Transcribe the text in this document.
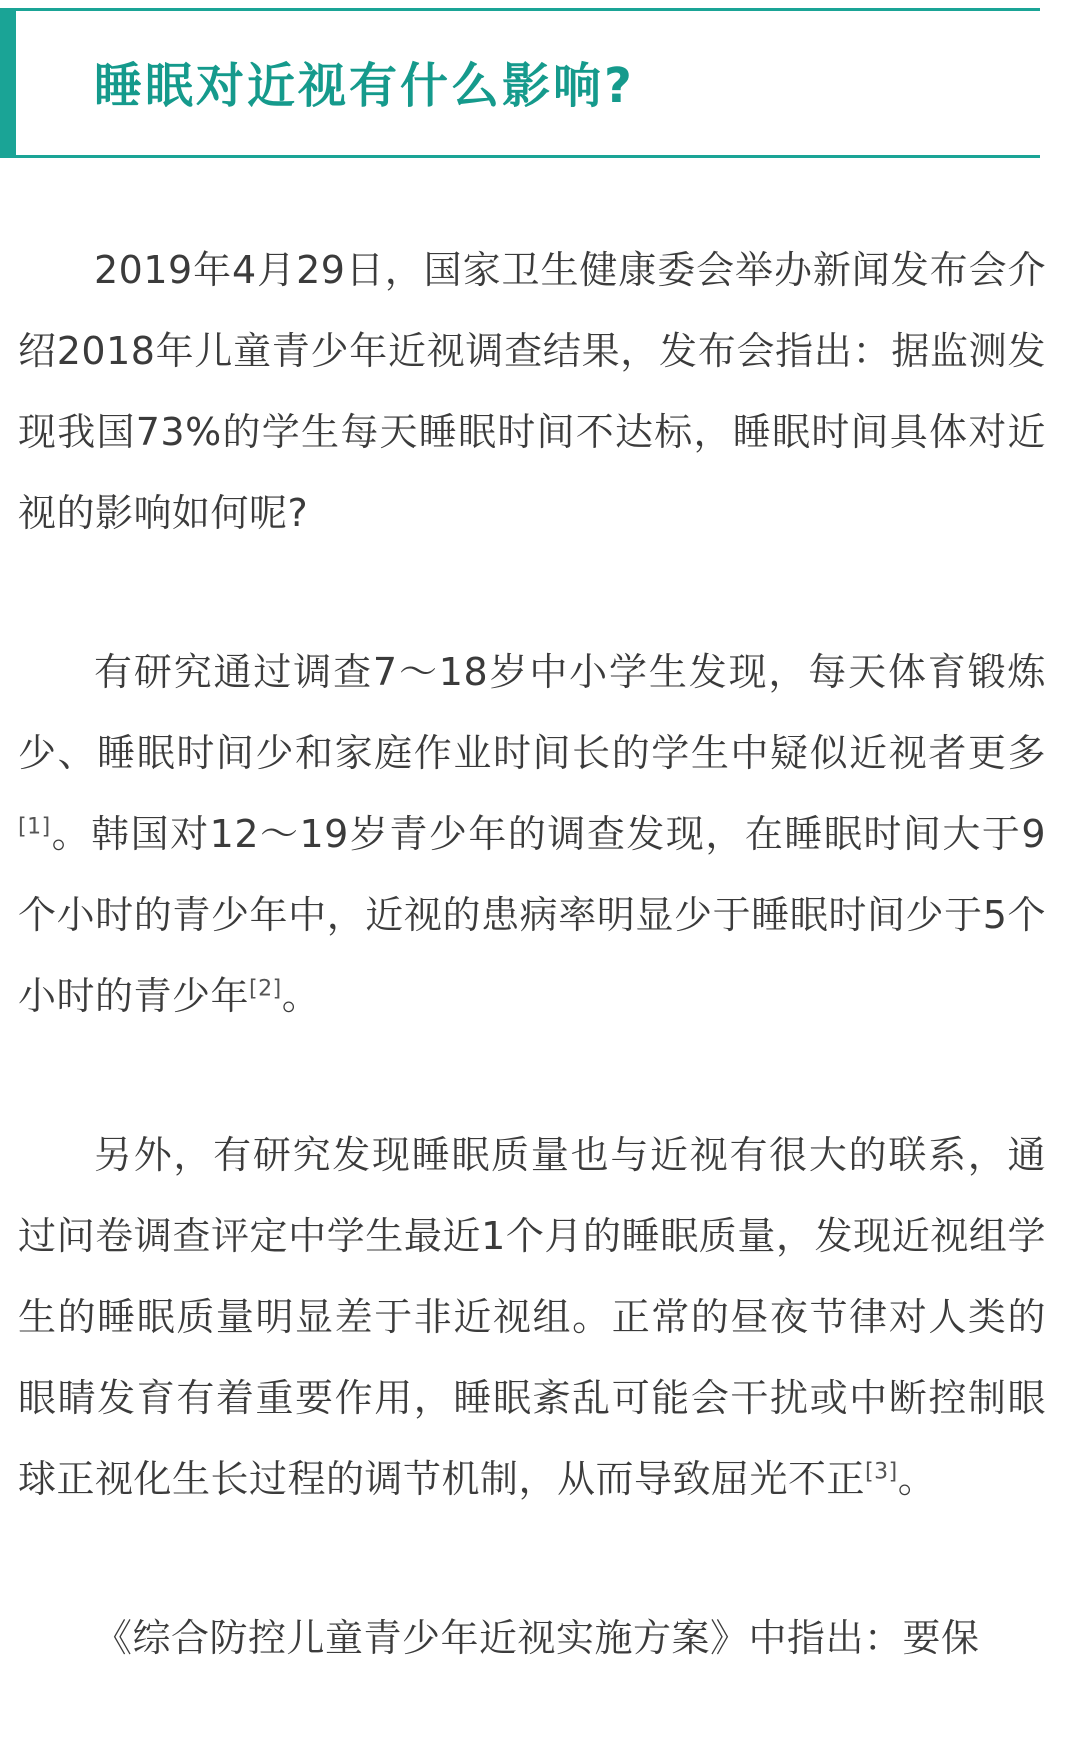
睡眠对近视有什么影响?

2019年4月29日，国家卫生健康委会举办新闻发布会介绍2018年儿童青少年近视调查结果，发布会指出：据监测发现我国73%的学生每天睡眠时间不达标，睡眠时间具体对近视的影响如何呢?

有研究通过调查7～18岁中小学生发现，每天体育锻炼少、睡眠时间少和家庭作业时间长的学生中疑似近视者更多[1]。韩国对12～19岁青少年的调查发现，在睡眠时间大于9个小时的青少年中，近视的患病率明显少于睡眠时间少于5个小时的青少年[2]。

另外，有研究发现睡眠质量也与近视有很大的联系，通过问卷调查评定中学生最近1个月的睡眠质量，发现近视组学生的睡眠质量明显差于非近视组。正常的昼夜节律对人类的眼睛发育有着重要作用，睡眠紊乱可能会干扰或中断控制眼球正视化生长过程的调节机制，从而导致屈光不正[3]。

《综合防控儿童青少年近视实施方案》中指出：要保
